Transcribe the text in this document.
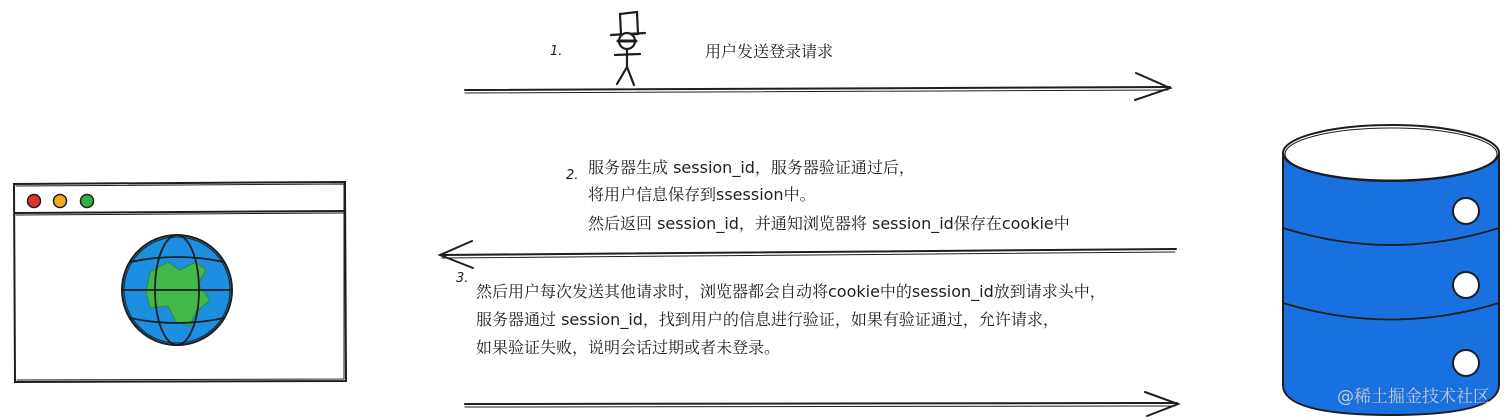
1.	用户发送登录请求
2. 服务器生成 session_id，服务器验证通过后，
将用户信息保存到ssession中。
然后返回 session_id，并通知浏览器将 session_id保存在cookie中
3.
然后用户每次发送其他请求时，浏览器都会自动将cookie中的session_id放到请求头中，
服务器通过 session_id，找到用户的信息进行验证，如果有验证通过，允许请求，
如果验证失败，说明会话过期或者未登录。
@稀土掘金技术社区
